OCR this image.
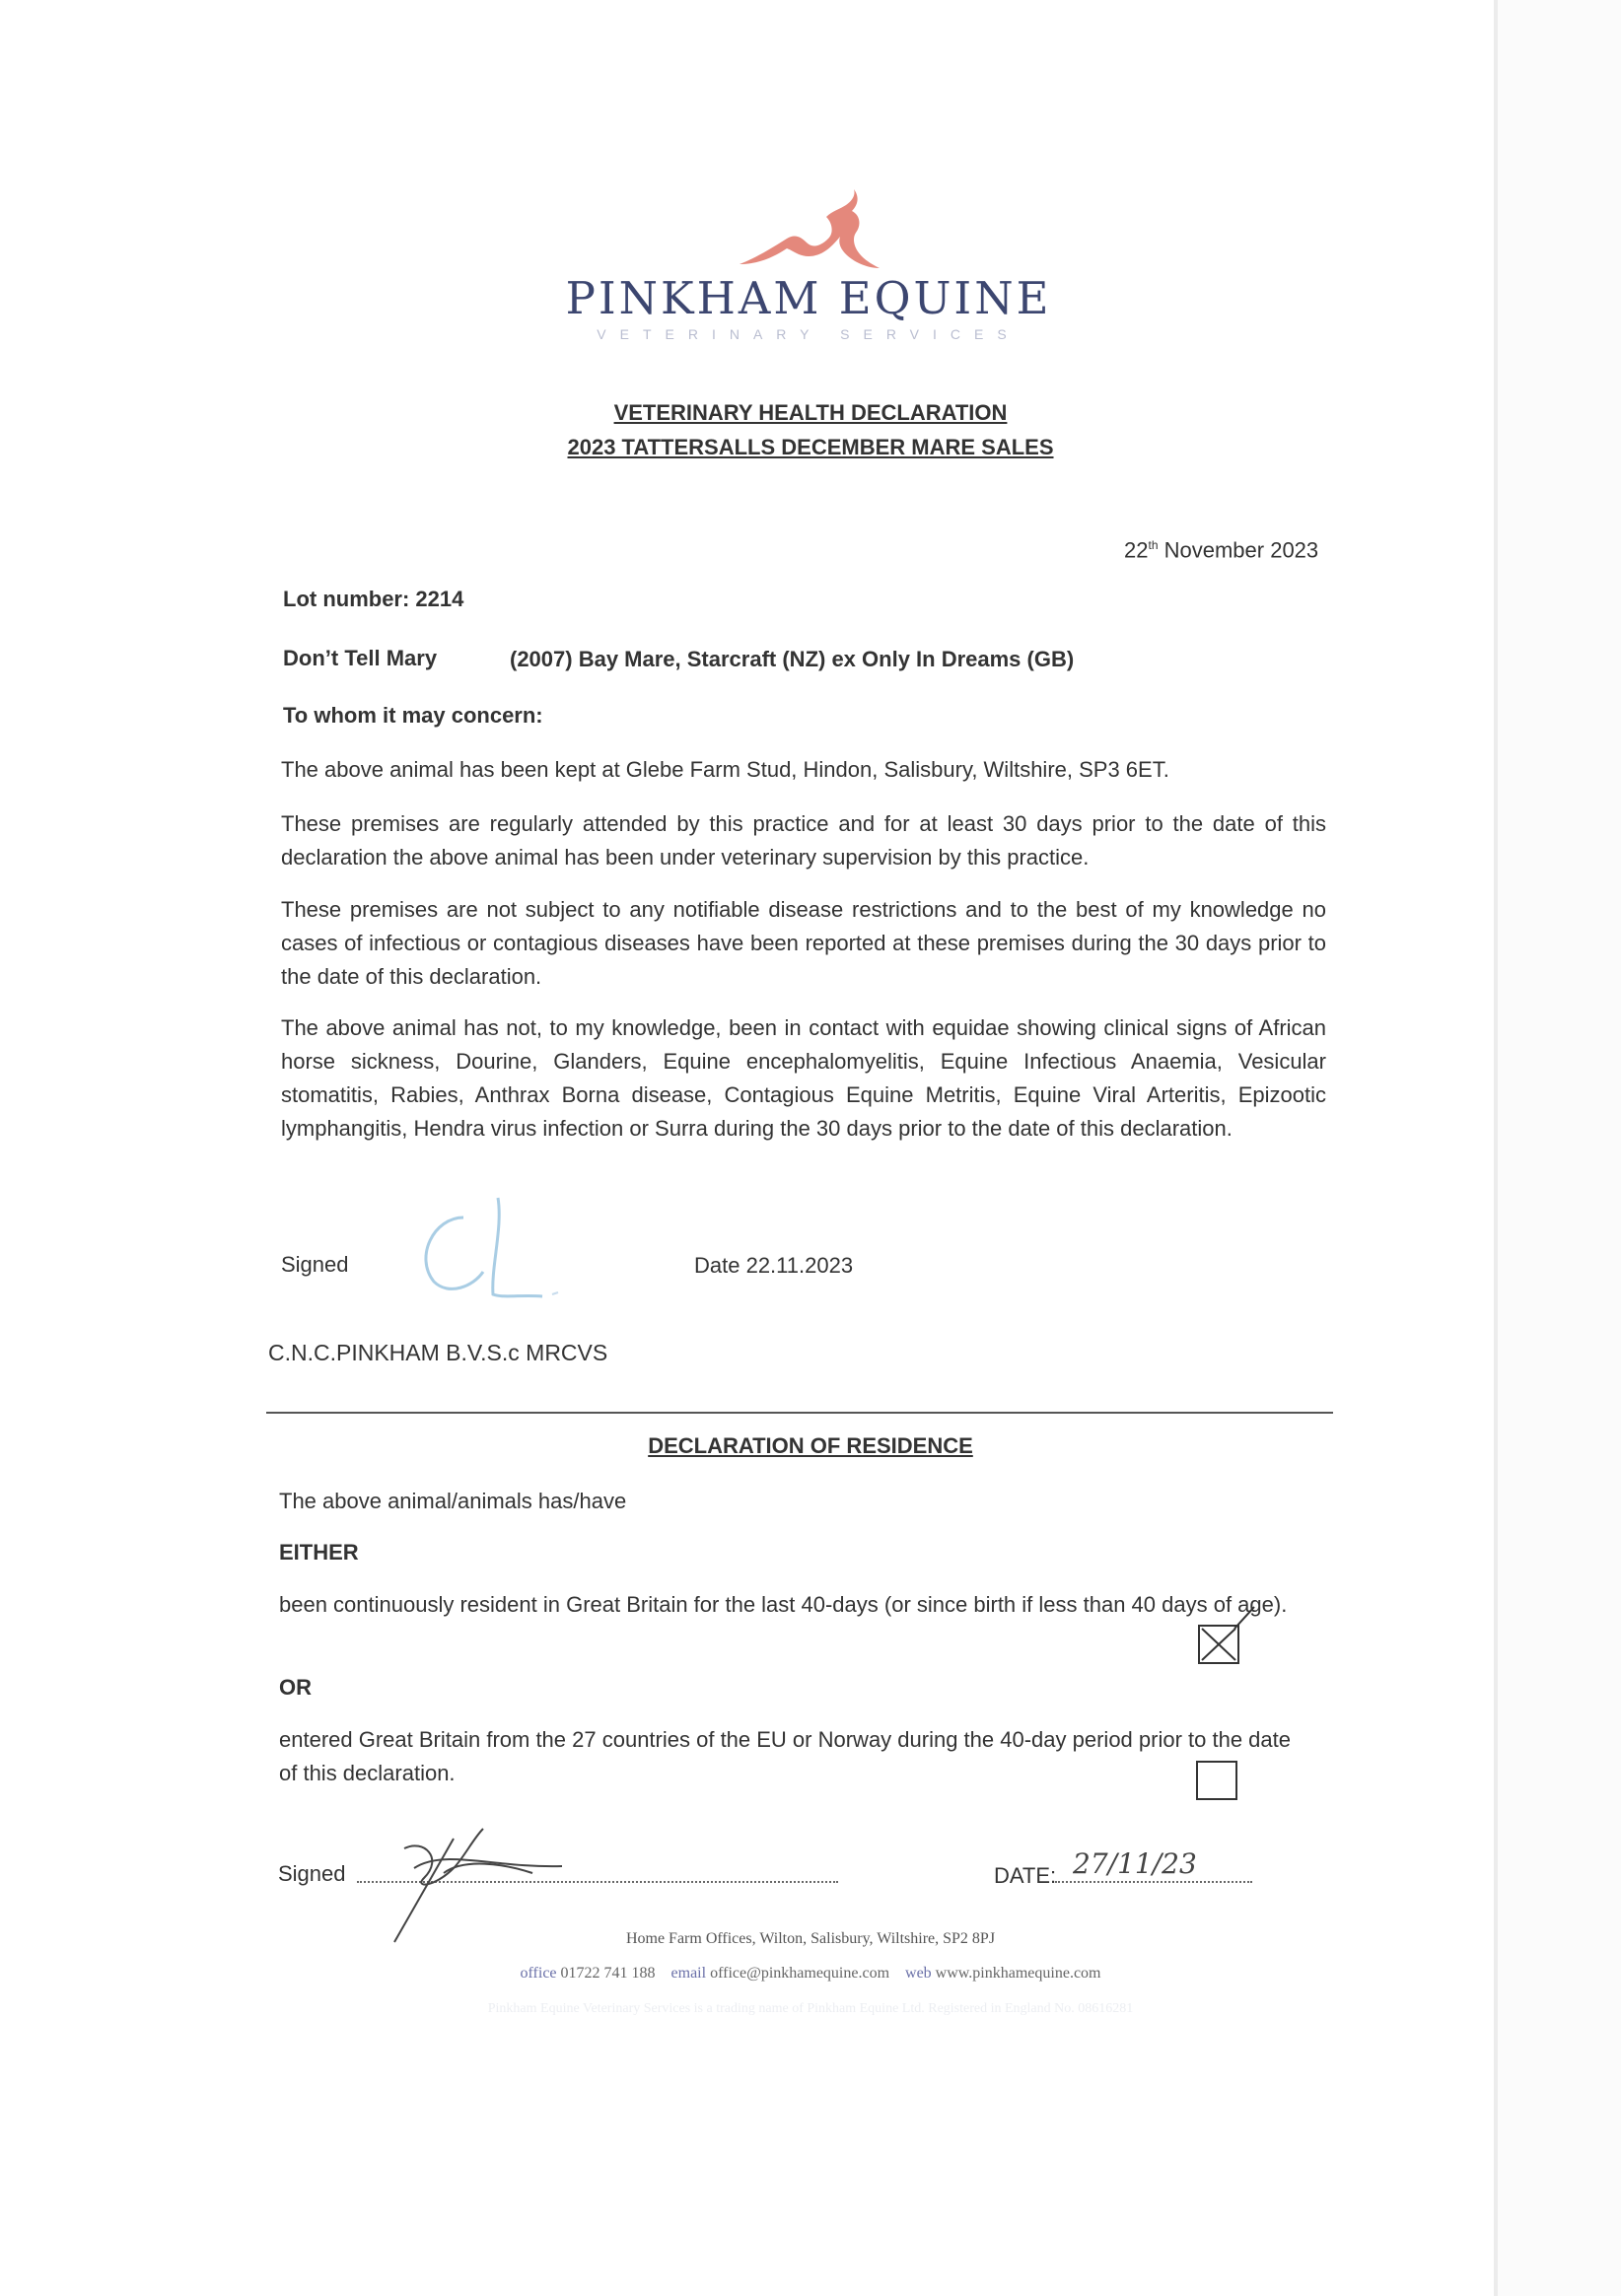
PINKHAM EQUINE
VETERINARY SERVICES
VETERINARY HEALTH DECLARATION
2023 TATTERSALLS DECEMBER MARE SALES
22th November 2023
Lot number: 2214
Don’t Tell Mary	(2007) Bay Mare, Starcraft (NZ) ex Only In Dreams (GB)
To whom it may concern:
The above animal has been kept at Glebe Farm Stud, Hindon, Salisbury, Wiltshire, SP3 6ET.
These premises are regularly attended by this practice and for at least 30 days prior to the date of this declaration the above animal has been under veterinary supervision by this practice.
These premises are not subject to any notifiable disease restrictions and to the best of my knowledge no cases of infectious or contagious diseases have been reported at these premises during the 30 days prior to the date of this declaration.
The above animal has not, to my knowledge, been in contact with equidae showing clinical signs of African horse sickness, Dourine, Glanders, Equine encephalomyelitis, Equine Infectious Anaemia, Vesicular stomatitis, Rabies, Anthrax Borna disease, Contagious Equine Metritis, Equine Viral Arteritis, Epizootic lymphangitis, Hendra virus infection or Surra during the 30 days prior to the date of this declaration.
Signed	Date 22.11.2023
C.N.C.PINKHAM B.V.S.c MRCVS
DECLARATION OF RESIDENCE
The above animal/animals has/have
EITHER
been continuously resident in Great Britain for the last 40-days (or since birth if less than 40 days of age).
OR
entered Great Britain from the 27 countries of the EU or Norway during the 40-day period prior to the date of this declaration.
Signed	DATE: 27/11/23
Home Farm Offices, Wilton, Salisbury, Wiltshire, SP2 8PJ
office 01722 741 188 email office@pinkhamequine.com web www.pinkhamequine.com
Pinkham Equine Veterinary Services is a trading name of Pinkham Equine Ltd. Registered in England No. 08616281
